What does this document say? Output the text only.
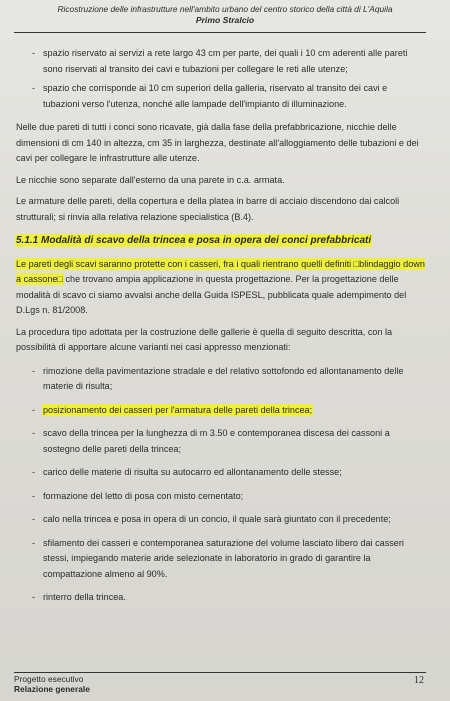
Ricostruzione delle infrastrutture nell'ambito urbano del centro storico della città di L'Aquila
Primo Stralcio
- spazio riservato ai servizi a rete largo 43 cm per parte, dei quali i 10 cm aderenti alle pareti sono riservati al transito dei cavi e tubazioni per collegare le reti alle utenze;
- spazio che corrisponde ai 10 cm superiori della galleria, riservato al transito dei cavi e tubazioni verso l'utenza, nonché alle lampade dell'impianto di illuminazione.

Nelle due pareti di tutti i conci sono ricavate, già dalla fase della prefabbricazione, nicchie delle dimensioni di cm 140 in altezza, cm 35 in larghezza, destinate all'alloggiamento delle tubazioni e dei cavi per collegare le infrastrutture alle utenze.

Le nicchie sono separate dall'esterno da una parete in c.a. armata.

Le armature delle pareti, della copertura e della platea in barre di acciaio discendono dai calcoli strutturali; si rinvia alla relativa relazione specialistica (B.4).

5.1.1 Modalità di scavo della trincea e posa in opera dei conci prefabbricati

Le pareti degli scavi saranno protette con i casseri, fra i quali rientrano quelli definiti □blindaggio down a cassone□ che trovano ampia applicazione in questa progettazione. Per la progettazione delle modalità di scavo ci siamo avvalsi anche della Guida ISPESL, pubblicata quale adempimento del D.Lgs n. 81/2008.

La procedura tipo adottata per la costruzione delle gallerie è quella di seguito descritta, con la possibilità di apportare alcune varianti nei casi appresso menzionati:

- rimozione della pavimentazione stradale e del relativo sottofondo ed allontanamento delle materie di risulta;
- posizionamento dei casseri per l'armatura delle pareti della trincea;
- scavo della trincea per la lunghezza di m 3.50 e contemporanea discesa dei cassoni a sostegno delle pareti della trincea;
- carico delle materie di risulta su autocarro ed allontanamento delle stesse;
- formazione del letto di posa con misto cementato;
- calo nella trincea e posa in opera di un concio, il quale sarà giuntato con il precedente;
- sfilamento dei casseri e contemporanea saturazione del volume lasciato libero dai casseri stessi, impiegando materie aride selezionate in laboratorio in grado di garantire la compattazione almeno al 90%.
- rinterro della trincea.
Progetto esecutivo
Relazione generale
12
